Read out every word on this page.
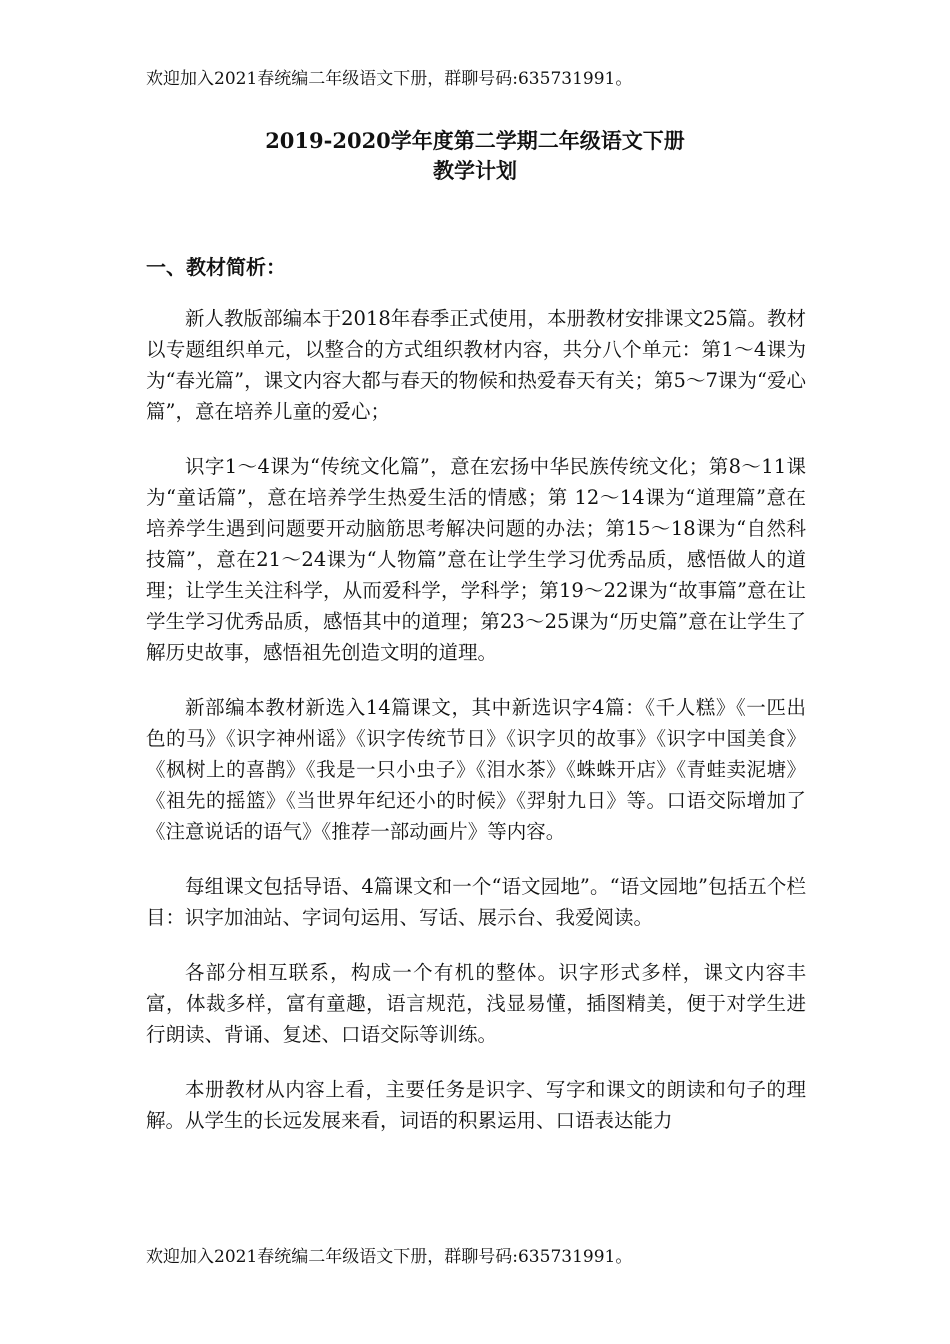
欢迎加入2021春统编二年级语文下册，群聊号码:635731991。
2019-2020学年度第二学期二年级语文下册
教学计划
一、教材简析：

新人教版部编本于2018年春季正式使用，本册教材安排课文25篇。教材以专题组织单元，以整合的方式组织教材内容，共分八个单元：第1～4课为为“春光篇”，课文内容大都与春天的物候和热爱春天有关；第5～7课为“爱心篇”，意在培养儿童的爱心；

识字1～4课为“传统文化篇”，意在宏扬中华民族传统文化；第8～11课为“童话篇”，意在培养学生热爱生活的情感；第 12～14课为“道理篇”意在培养学生遇到问题要开动脑筋思考解决问题的办法；第15～18课为“自然科技篇”，意在21～24课为“人物篇”意在让学生学习优秀品质，感悟做人的道理；让学生关注科学，从而爱科学，学科学；第19～22课为“故事篇”意在让学生学习优秀品质，感悟其中的道理；第23～25课为“历史篇”意在让学生了解历史故事，感悟祖先创造文明的道理。

新部编本教材新选入14篇课文，其中新选识字4篇：《千人糕》《一匹出色的马》《识字神州谣》《识字传统节日》《识字贝的故事》《识字中国美食》《枫树上的喜鹊》《我是一只小虫子》《泪水茶》《蛛蛛开店》《青蛙卖泥塘》《祖先的摇篮》《当世界年纪还小的时候》《羿射九日》等。口语交际增加了《注意说话的语气》《推荐一部动画片》等内容。

每组课文包括导语、4篇课文和一个“语文园地”。“语文园地”包括五个栏目：识字加油站、字词句运用、写话、展示台、我爱阅读。

各部分相互联系，构成一个有机的整体。识字形式多样，课文内容丰富，体裁多样，富有童趣，语言规范，浅显易懂，插图精美，便于对学生进行朗读、背诵、复述、口语交际等训练。

本册教材从内容上看，主要任务是识字、写字和课文的朗读和句子的理解。从学生的长远发展来看，词语的积累运用、口语表达能力

欢迎加入2021春统编二年级语文下册，群聊号码:635731991。
